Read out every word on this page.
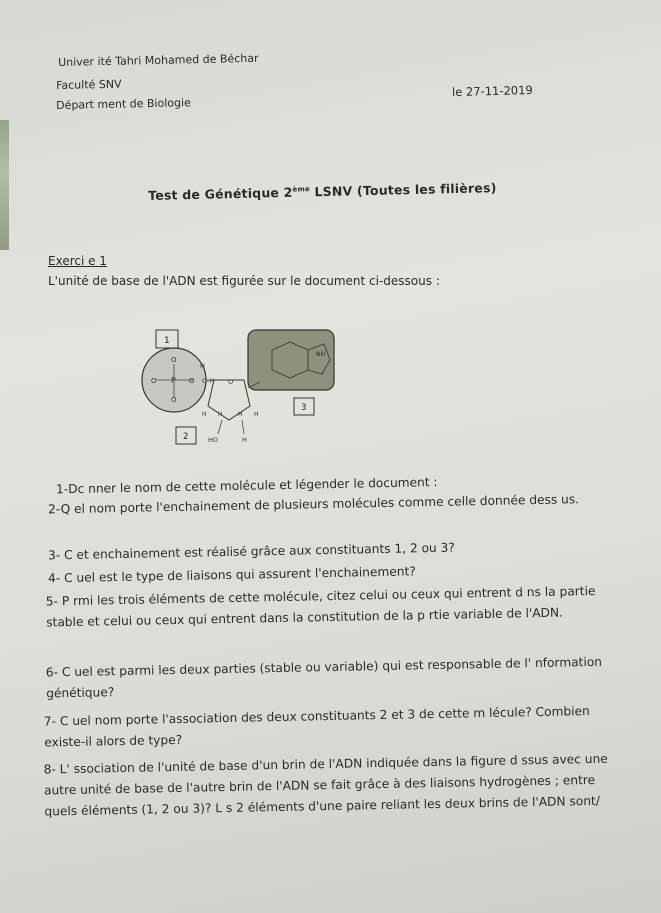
Univer ité Tahri Mohamed de Béchar
Faculté SNV
Départ ment de Biologie
le 27-11-2019
Test de Génétique 2ème LSNV (Toutes les filières)
Exerci e 1
L'unité de base de l'ADN est figurée sur le document ci-dessous :
1
O
P
O	O
O
H
C–H O
H H	H H
HO	H
2
NH
3
1-Dc nner le nom de cette molécule et légender le document :
2-Q el nom porte l'enchainement de plusieurs molécules comme celle donnée dess us.
3- C et enchainement est réalisé grâce aux constituants 1, 2 ou 3?
4- C uel est le type de liaisons qui assurent l'enchainement?
5- P rmi les trois éléments de cette molécule, citez celui ou ceux qui entrent d ns la partie stable et celui ou ceux qui entrent dans la constitution de la p rtie variable de l'ADN.
6- C uel est parmi les deux parties (stable ou variable) qui est responsable de l' nformation génétique?
7- C uel nom porte l'association des deux constituants 2 et 3 de cette m lécule? Combien existe-il alors de type?
8- L' ssociation de l'unité de base d'un brin de l'ADN indiquée dans la figure d ssus avec une autre unité de base de l'autre brin de l'ADN se fait grâce à des liaisons hydrogènes ; entre quels éléments (1, 2 ou 3)? L s 2 éléments d'une paire reliant les deux brins de l'ADN sont/
